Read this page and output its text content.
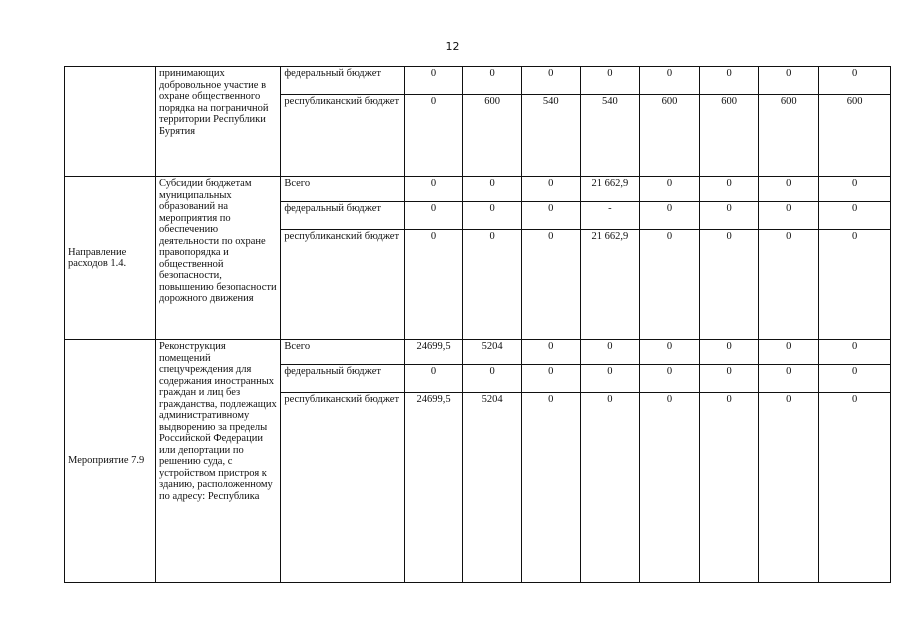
12
	принимающих добровольное участие в охране общественного порядка на пограничной территории Республики Бурятия	федеральный бюджет	0	0	0	0	0	0	0	0
		республиканский бюджет	0	600	540	540	600	600	600	600
Направление расходов 1.4.	Субсидии бюджетам муниципальных образований на мероприятия по обеспечению деятельности по охране правопорядка и общественной безопасности, повышению безопасности дорожного движения	Всего	0	0	0	21 662,9	0	0	0	0
		федеральный бюджет	0	0	0	-	0	0	0	0
		республиканский бюджет	0	0	0	21 662,9	0	0	0	0
Мероприятие 7.9	Реконструкция помещений спецучреждения для содержания иностранных граждан и лиц без гражданства, подлежащих административному выдворению за пределы Российской Федерации или депортации по решению суда, с устройством пристроя к зданию, расположенному по адресу: Республика	Всего	24699,5	5204	0	0	0	0	0	0
		федеральный бюджет	0	0	0	0	0	0	0	0
		республиканский бюджет	24699,5	5204	0	0	0	0	0	0
